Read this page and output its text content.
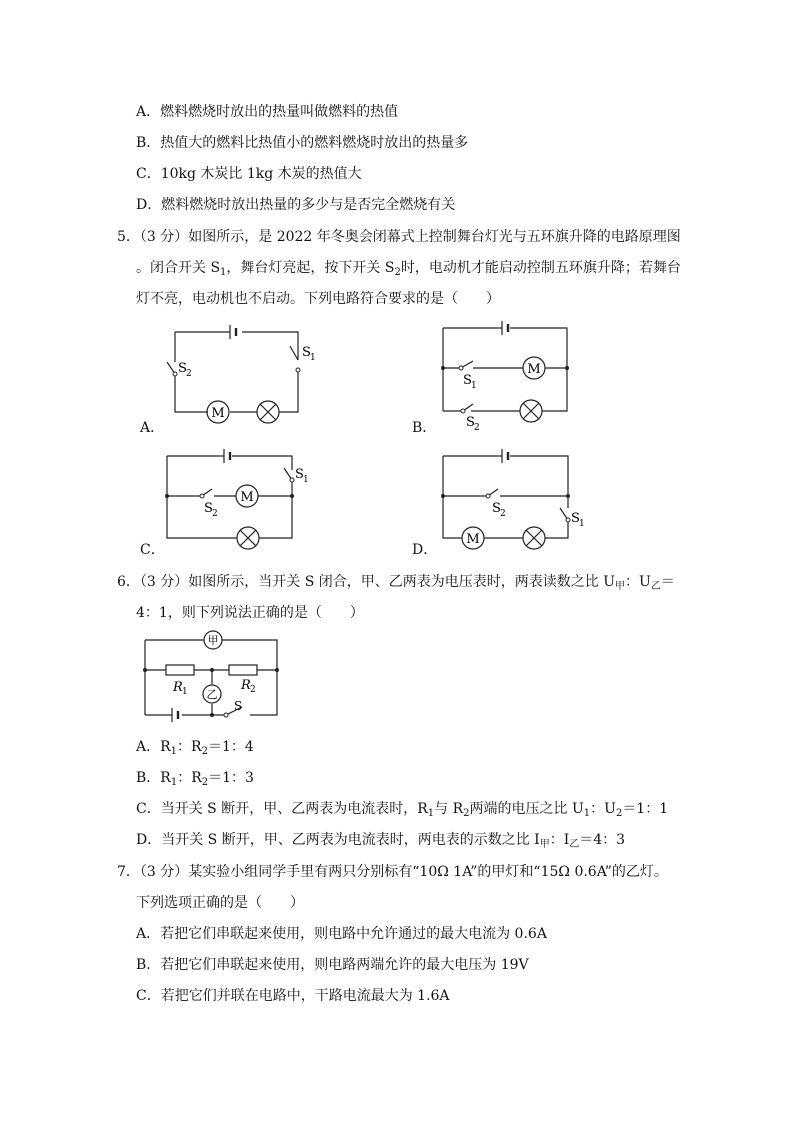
A．燃料燃烧时放出的热量叫做燃料的热值
B．热值大的燃料比热值小的燃料燃烧时放出的热量多
C．10kg 木炭比 1kg 木炭的热值大
D．燃料燃烧时放出热量的多少与是否完全燃烧有关
5．（3 分）如图所示，是 2022 年冬奥会闭幕式上控制舞台灯光与五环旗升降的电路原理图
。闭合开关 $S_1$，舞台灯亮起，按下开关 $S_2$时，电动机才能启动控制五环旗升降；若舞台
灯不亮，电动机也不启动。下列电路符合要求的是（　　）
M
S 1
S 2
A．
M
S 1
S 2
B．
M
S 1
S 2
C．
M
S 1
S 2
D．
6．（3 分）如图所示，当开关 S 闭合，甲、乙两表为电压表时，两表读数之比 $U_甲$：$U_乙=$
4：1，则下列说法正确的是（　　）
甲
乙
R 1	R 2
S
A．$R_1$：$R_2=1$：4
B．$R_1$：$R_2=1$：3
C．当开关 S 断开，甲、乙两表为电流表时，$R_1$与 $R_2$两端的电压之比 $U_1$：$U_2=1$：1
D．当开关 S 断开，甲、乙两表为电流表时，两电表的示数之比 $I_甲$：$I_乙=4$：3
7．（3 分）某实验小组同学手里有两只分别标有“10Ω 1A”的甲灯和“15Ω 0.6A”的乙灯。
下列选项正确的是（　　）
A．若把它们串联起来使用，则电路中允许通过的最大电流为 0.6A
B．若把它们串联起来使用，则电路两端允许的最大电压为 19V
C．若把它们并联在电路中，干路电流最大为 1.6A
